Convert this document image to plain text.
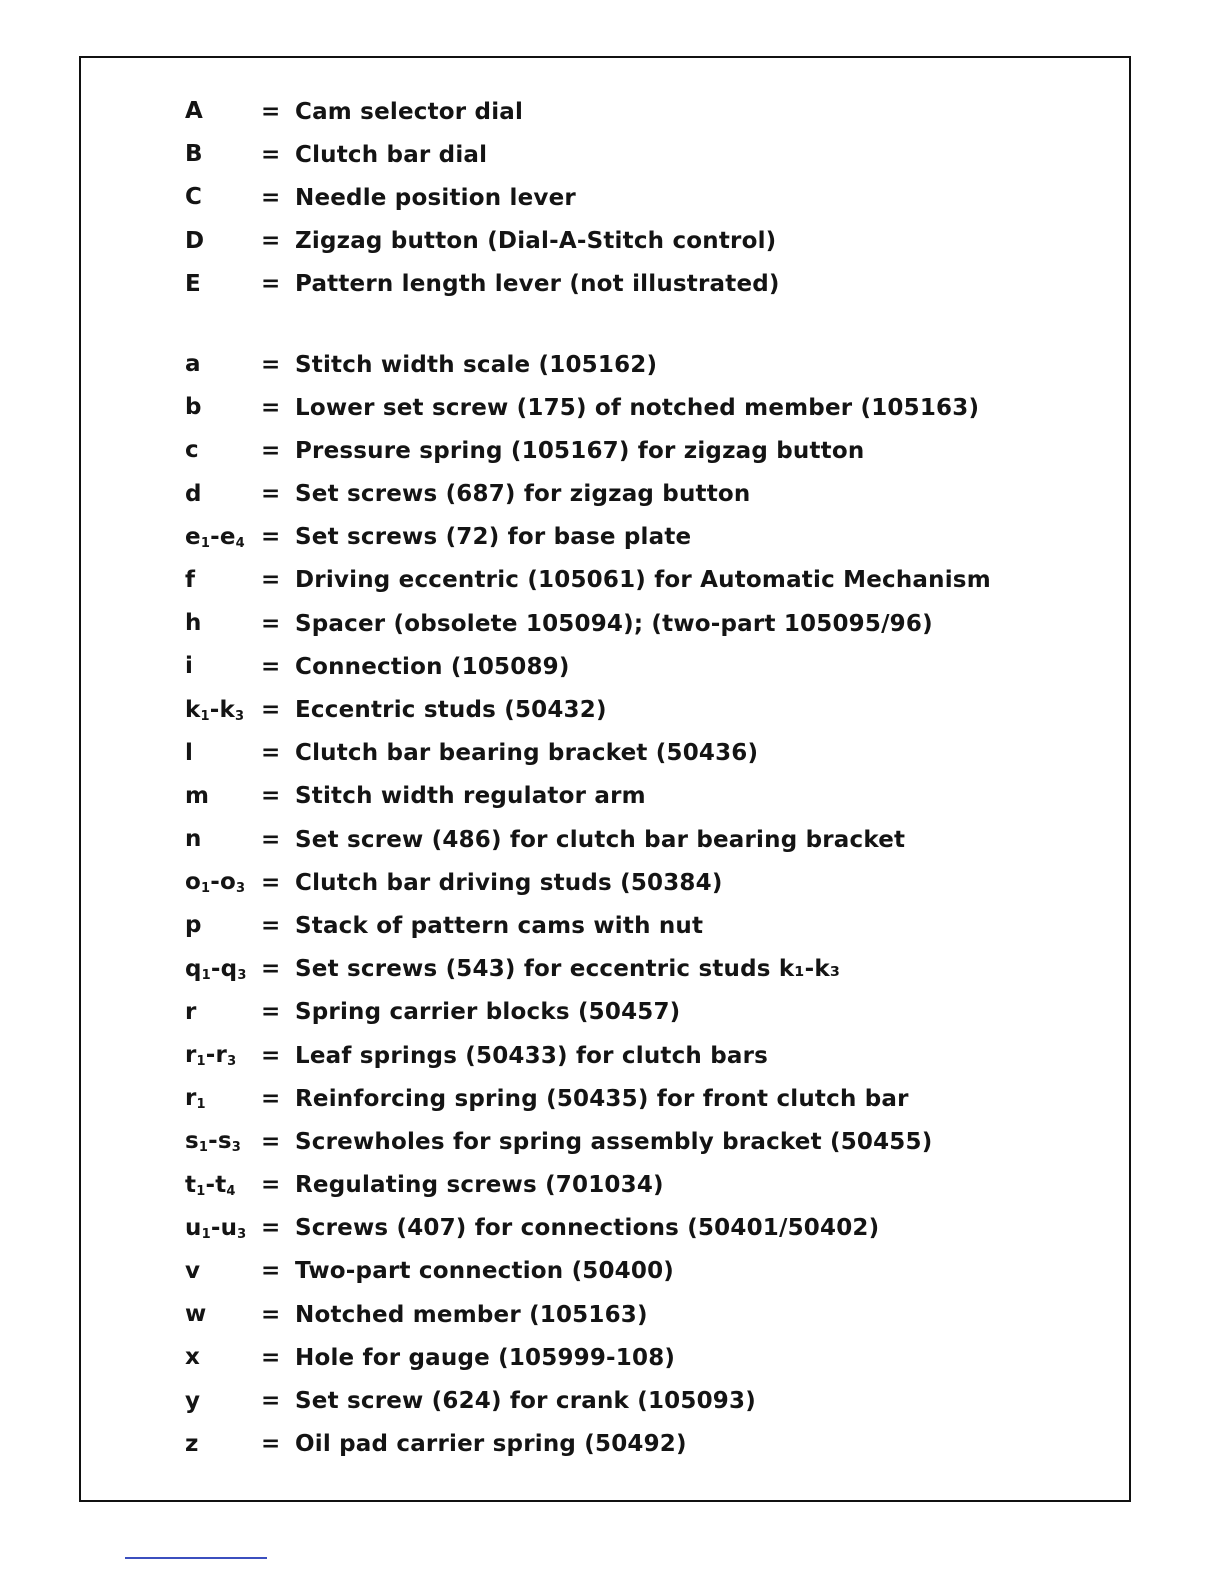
A	= Cam selector dial
B	= Clutch bar dial
C	= Needle position lever
D	= Zigzag button (Dial-A-Stitch control)
E	= Pattern length lever (not illustrated)
a	= Stitch width scale (105162)
b	= Lower set screw (175) of notched member (105163)
c	= Pressure spring (105167) for zigzag button
d	= Set screws (687) for zigzag button
$e_1-e_4$ = Set screws (72) for base plate
f	= Driving eccentric (105061) for Automatic Mechanism
h	= Spacer (obsolete 105094); (two-part 105095/96)
i	= Connection (105089)
$k_1-k_3$ = Eccentric studs (50432)
l	= Clutch bar bearing bracket (50436)
m	= Stitch width regulator arm
n	= Set screw (486) for clutch bar bearing bracket
$o_1-o_3$ = Clutch bar driving studs (50384)
p	= Stack of pattern cams with nut
$q_1-q_3$ = Set screws (543) for eccentric studs k₁-k₃
r	= Spring carrier blocks (50457)
$r_1-r_3$	= Leaf springs (50433) for clutch bars
$r_1$	= Reinforcing spring (50435) for front clutch bar
$s_1-s_3$ = Screwholes for spring assembly bracket (50455)
$t_1-t_4$	= Regulating screws (701034)
$u_1-u_3$ = Screws (407) for connections (50401/50402)
v	= Two-part connection (50400)
w	= Notched member (105163)
x	= Hole for gauge (105999-108)
y	= Set screw (624) for crank (105093)
z	= Oil pad carrier spring (50492)
